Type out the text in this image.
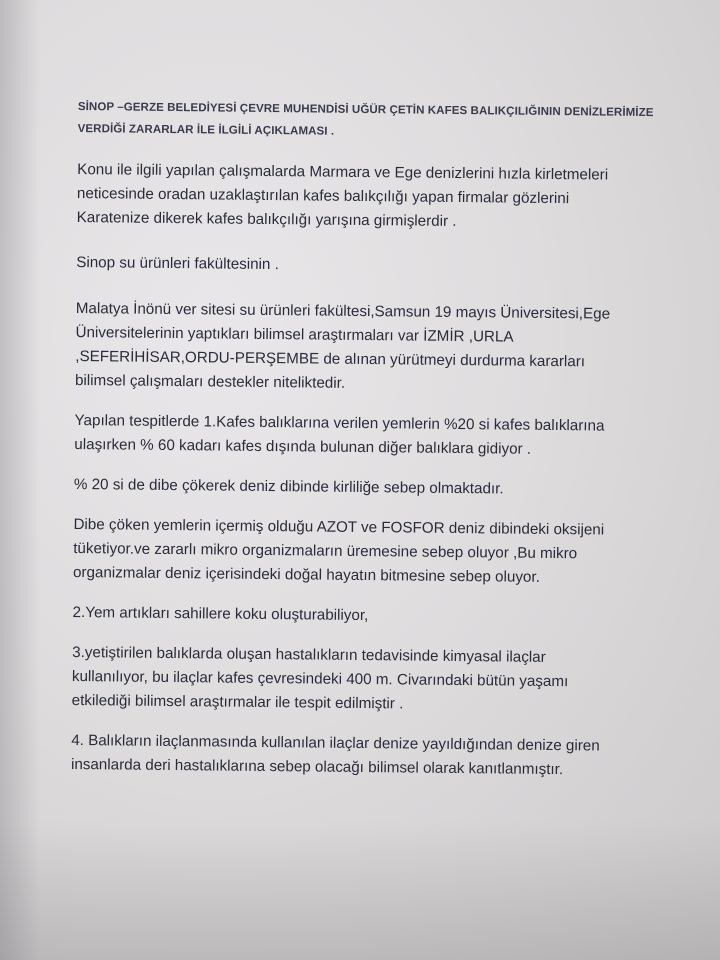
SİNOP –GERZE BELEDİYESİ ÇEVRE MUHENDİSİ UĞÜR ÇETİN KAFES BALIKÇILIĞININ DENİZLERİMİZE
VERDİĞİ ZARARLAR İLE İLGİLİ AÇIKLAMASI .
Konu ile ilgili yapılan çalışmalarda Marmara ve Ege denizlerini hızla kirletmeleri
neticesinde oradan uzaklaştırılan kafes balıkçılığı yapan firmalar gözlerini
Karatenize dikerek kafes balıkçılığı yarışına girmişlerdir .
Sinop su ürünleri fakültesinin .
Malatya İnönü ver sitesi su ürünleri fakültesi,Samsun 19 mayıs Üniversitesi,Ege
Üniversitelerinin yaptıkları bilimsel araştırmaları var İZMİR ,URLA
,SEFERİHİSAR,ORDU-PERŞEMBE de alınan yürütmeyi durdurma kararları
bilimsel çalışmaları destekler niteliktedir.
Yapılan tespitlerde 1.Kafes balıklarına verilen yemlerin %20 si kafes balıklarına
ulaşırken % 60 kadarı kafes dışında bulunan diğer balıklara gidiyor .
% 20 si de dibe çökerek deniz dibinde kirliliğe sebep olmaktadır.
Dibe çöken yemlerin içermiş olduğu AZOT ve FOSFOR deniz dibindeki oksijeni
tüketiyor.ve zararlı mikro organizmaların üremesine sebep oluyor ,Bu mikro
organizmalar deniz içerisindeki doğal hayatın bitmesine sebep oluyor.
2.Yem artıkları sahillere koku oluşturabiliyor,
3.yetiştirilen balıklarda oluşan hastalıkların tedavisinde kimyasal ilaçlar
kullanılıyor, bu ilaçlar kafes çevresindeki 400 m. Civarındaki bütün yaşamı
etkilediği bilimsel araştırmalar ile tespit edilmiştir .
4. Balıkların ilaçlanmasında kullanılan ilaçlar denize yayıldığından denize giren
insanlarda deri hastalıklarına sebep olacağı bilimsel olarak kanıtlanmıştır.
